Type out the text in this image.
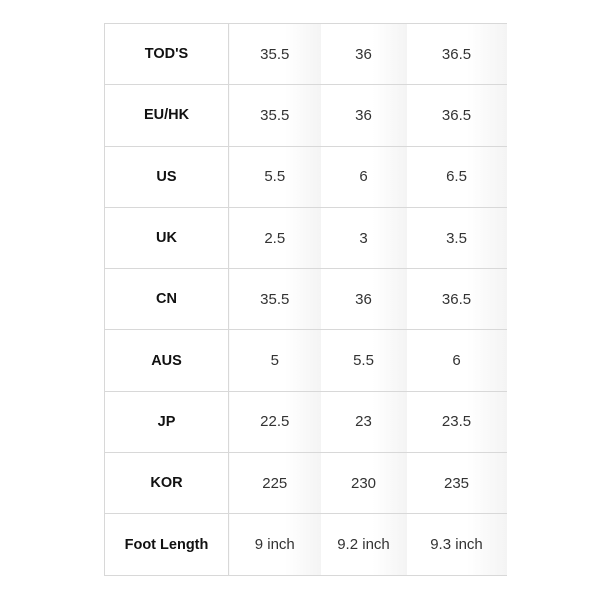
TOD'S	35.5	36	36.5
EU/HK	35.5	36	36.5
US	5.5	6	6.5
UK	2.5	3	3.5
CN	35.5	36	36.5
AUS	5	5.5	6
JP	22.5	23	23.5
KOR	225	230	235
Foot Length	9 inch	9.2 inch	9.3 inch
